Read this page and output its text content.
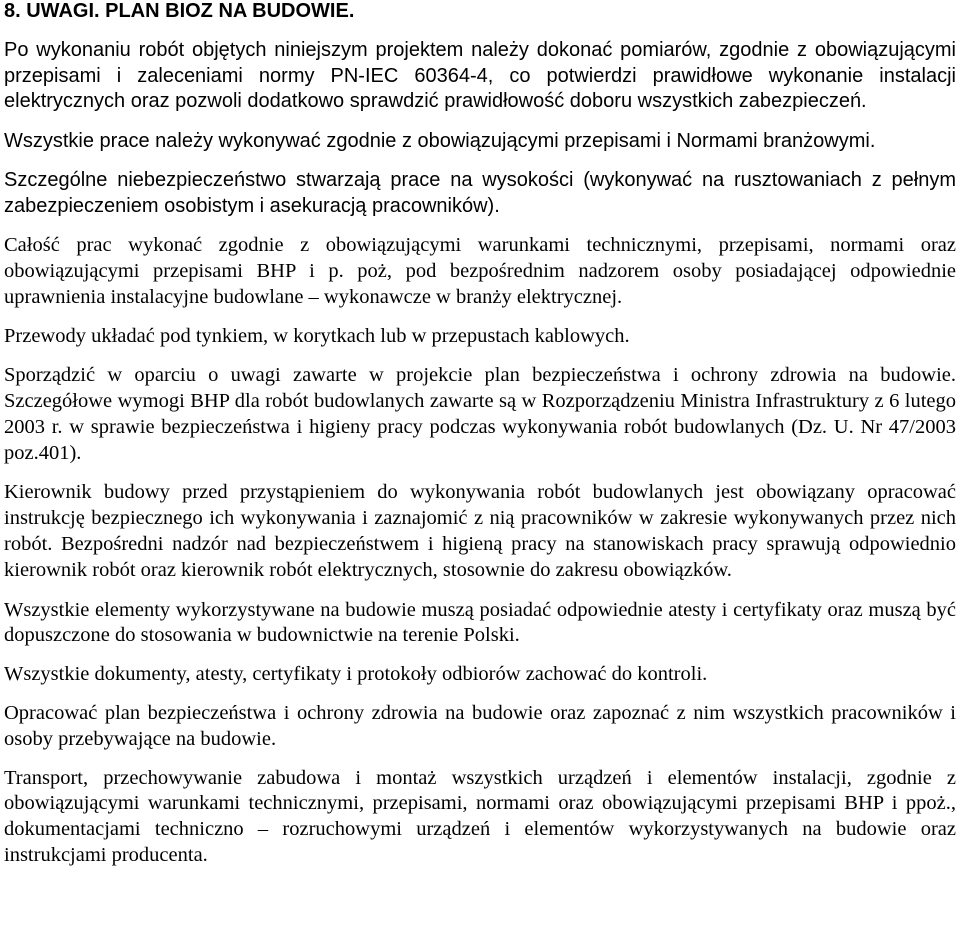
8. UWAGI. PLAN BIOZ NA BUDOWIE.

Po wykonaniu robót objętych niniejszym projektem należy dokonać pomiarów, zgodnie z obowiązującymi przepisami i zaleceniami normy PN-IEC 60364-4, co potwierdzi prawidłowe wykonanie instalacji elektrycznych oraz pozwoli dodatkowo sprawdzić prawidłowość doboru wszystkich zabezpieczeń.

Wszystkie prace należy wykonywać zgodnie z obowiązującymi przepisami i Normami branżowymi.

Szczególne niebezpieczeństwo stwarzają prace na wysokości (wykonywać na rusztowaniach z pełnym zabezpieczeniem osobistym i asekuracją pracowników).

Całość prac wykonać zgodnie z obowiązującymi warunkami technicznymi, przepisami, normami oraz obowiązującymi przepisami BHP i p. poż, pod bezpośrednim nadzorem osoby posiadającej odpowiednie uprawnienia instalacyjne budowlane – wykonawcze w branży elektrycznej.

Przewody układać pod tynkiem, w korytkach lub w przepustach kablowych.

Sporządzić w oparciu o uwagi zawarte w projekcie plan bezpieczeństwa i ochrony zdrowia na budowie. Szczegółowe wymogi BHP dla robót budowlanych zawarte są w Rozporządzeniu Ministra Infrastruktury z 6 lutego 2003 r. w sprawie bezpieczeństwa i higieny pracy podczas wykonywania robót budowlanych (Dz. U. Nr 47/2003 poz.401).

Kierownik budowy przed przystąpieniem do wykonywania robót budowlanych jest obowiązany opracować instrukcję bezpiecznego ich wykonywania i zaznajomić z nią pracowników w zakresie wykonywanych przez nich robót. Bezpośredni nadzór nad bezpieczeństwem i higieną pracy na stanowiskach pracy sprawują odpowiednio kierownik robót oraz kierownik robót elektrycznych, stosownie do zakresu obowiązków.

Wszystkie elementy wykorzystywane na budowie muszą posiadać odpowiednie atesty i certyfikaty oraz muszą być dopuszczone do stosowania w budownictwie na terenie Polski.

Wszystkie dokumenty, atesty, certyfikaty i protokoły odbiorów zachować do kontroli.

Opracować plan bezpieczeństwa i ochrony zdrowia na budowie oraz zapoznać z nim wszystkich pracowników i osoby przebywające na budowie.

Transport, przechowywanie zabudowa i montaż wszystkich urządzeń i elementów instalacji, zgodnie z obowiązującymi warunkami technicznymi, przepisami, normami oraz obowiązującymi przepisami BHP i ppoż., dokumentacjami techniczno – rozruchowymi urządzeń i elementów wykorzystywanych na budowie oraz instrukcjami producenta.
